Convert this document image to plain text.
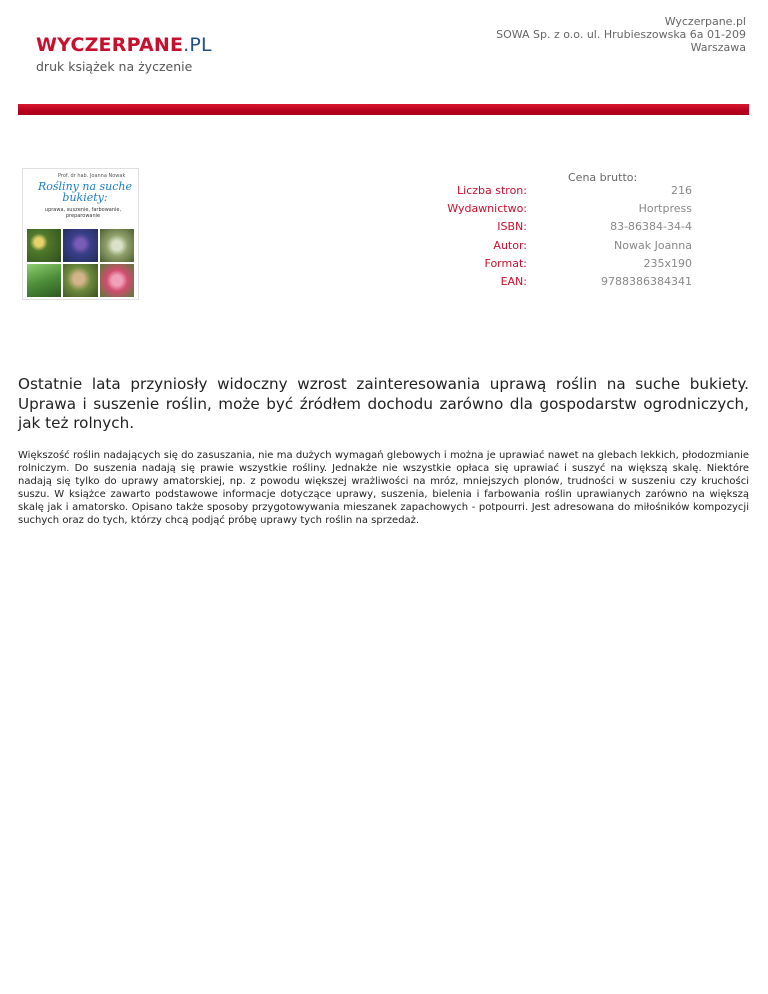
WYCZERPANE.PL
druk książek na życzenie
Wyczerpane.pl
SOWA Sp. z o.o. ul. Hrubieszowska 6a 01-209
Warszawa
Prof. dr hab. Joanna Nowak
Rośliny na suche bukiety:
uprawa, suszenie, farbowanie, preparowanie
Cena brutto:
Liczba stron:	216
Wydawnictwo:	Hortpress
ISBN:	83-86384-34-4
Autor:	Nowak Joanna
Format:	235x190
EAN:	9788386384341

Ostatnie lata przyniosły widoczny wzrost zainteresowania uprawą roślin na suche bukiety. Uprawa i suszenie roślin, może być źródłem dochodu zarówno dla gospodarstw ogrodniczych, jak też rolnych.

Większość roślin nadających się do zasuszania, nie ma dużych wymagań glebowych i można je uprawiać nawet na glebach lekkich, płodozmianie rolniczym. Do suszenia nadają się prawie wszystkie rośliny. Jednakże nie wszystkie opłaca się uprawiać i suszyć na większą skalę. Niektóre nadają się tylko do uprawy amatorskiej, np. z powodu większej wrażliwości na mróz, mniejszych plonów, trudności w suszeniu czy kruchości suszu. W książce zawarto podstawowe informacje dotyczące uprawy, suszenia, bielenia i farbowania roślin uprawianych zarówno na większą skalę jak i amatorsko. Opisano także sposoby przygotowywania mieszanek zapachowych - potpourri. Jest adresowana do miłośników kompozycji suchych oraz do tych, którzy chcą podjąć próbę uprawy tych roślin na sprzedaż.
